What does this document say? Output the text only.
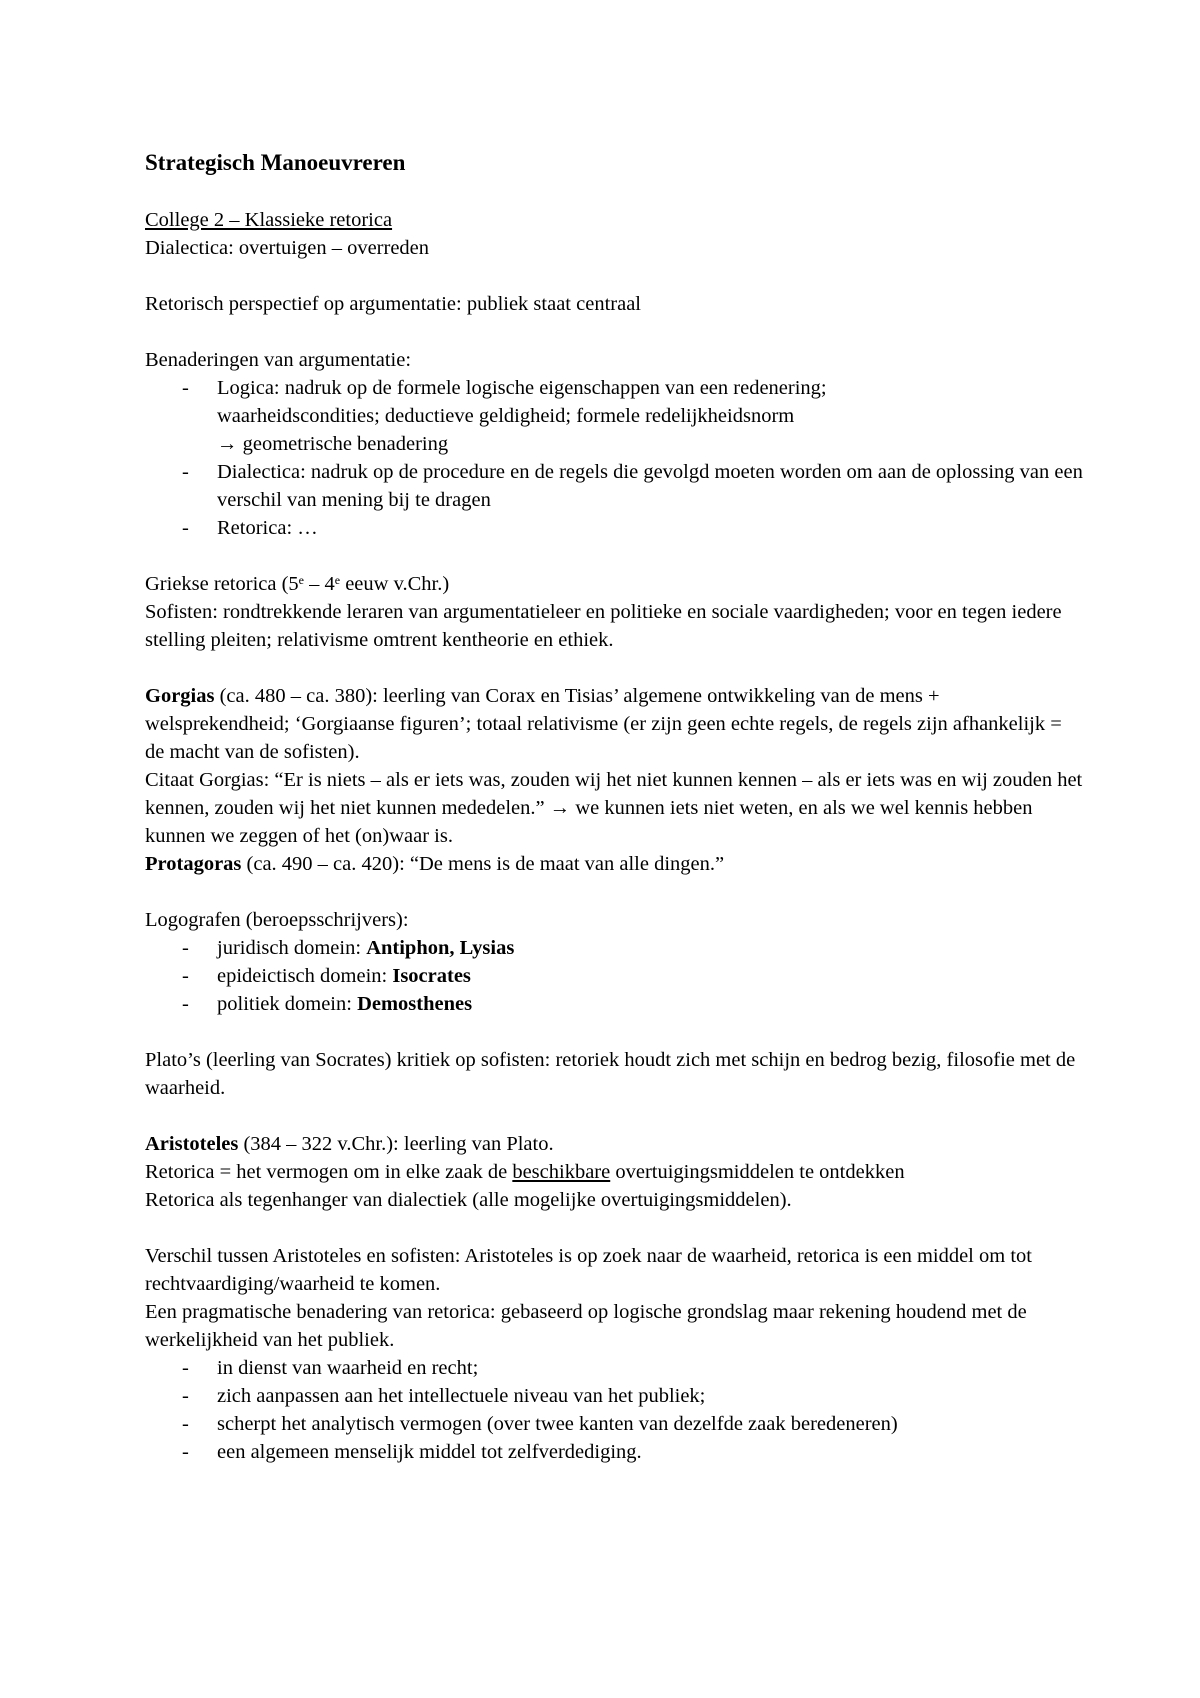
Strategisch Manoeuvreren

College 2 – Klassieke retorica

Dialectica: overtuigen – overreden

Retorisch perspectief op argumentatie: publiek staat centraal

Benaderingen van argumentatie:

- Logica: nadruk op de formele logische eigenschappen van een redenering;
waarheidscondities; deductieve geldigheid; formele redelijkheidsnorm
→ geometrische benadering
- Dialectica: nadruk op de procedure en de regels die gevolgd moeten worden om aan de oplossing van een verschil van mening bij te dragen
- Retorica: …

Griekse retorica (5e – 4e eeuw v.Chr.)

Sofisten: rondtrekkende leraren van argumentatieleer en politieke en sociale vaardigheden; voor en tegen iedere stelling pleiten; relativisme omtrent kentheorie en ethiek.

Gorgias (ca. 480 – ca. 380): leerling van Corax en Tisias’ algemene ontwikkeling van de mens + welsprekendheid; ‘Gorgiaanse figuren’; totaal relativisme (er zijn geen echte regels, de regels zijn afhankelijk = de macht van de sofisten).

Citaat Gorgias: “Er is niets – als er iets was, zouden wij het niet kunnen kennen – als er iets was en wij zouden het kennen, zouden wij het niet kunnen mededelen.” → we kunnen iets niet weten, en als we wel kennis hebben kunnen we zeggen of het (on)waar is.

Protagoras (ca. 490 – ca. 420): “De mens is de maat van alle dingen.”

Logografen (beroepsschrijvers):

- juridisch domein: Antiphon, Lysias
- epideictisch domein: Isocrates
- politiek domein: Demosthenes

Plato’s (leerling van Socrates) kritiek op sofisten: retoriek houdt zich met schijn en bedrog bezig, filosofie met de waarheid.

Aristoteles (384 – 322 v.Chr.): leerling van Plato.

Retorica = het vermogen om in elke zaak de beschikbare overtuigingsmiddelen te ontdekken

Retorica als tegenhanger van dialectiek (alle mogelijke overtuigingsmiddelen).

Verschil tussen Aristoteles en sofisten: Aristoteles is op zoek naar de waarheid, retorica is een middel om tot rechtvaardiging/waarheid te komen.

Een pragmatische benadering van retorica: gebaseerd op logische grondslag maar rekening houdend met de werkelijkheid van het publiek.

- in dienst van waarheid en recht;
- zich aanpassen aan het intellectuele niveau van het publiek;
- scherpt het analytisch vermogen (over twee kanten van dezelfde zaak beredeneren)
- een algemeen menselijk middel tot zelfverdediging.
